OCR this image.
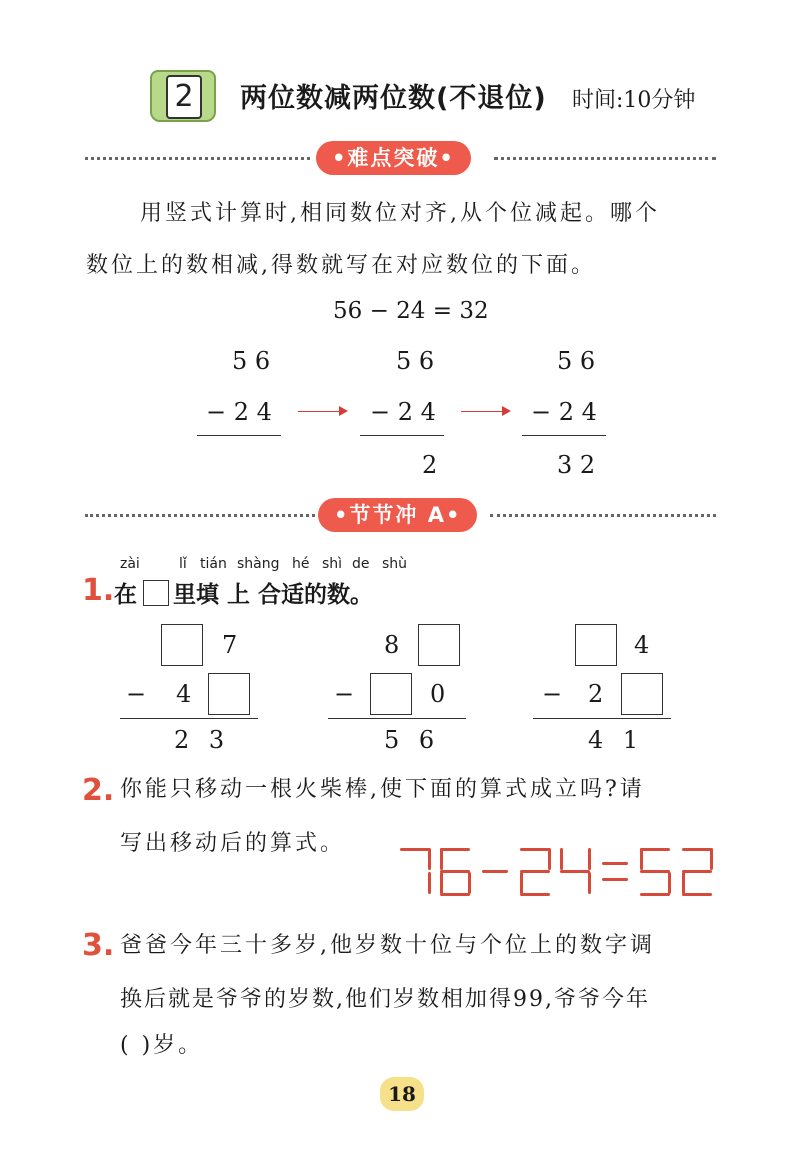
2	两位数减两位数(不退位) 时间:10分钟
•难点突破•
用竖式计算时,相同数位对齐,从个位减起。哪个
数位上的数相减,得数就写在对应数位的下面。
56 − 24 = 32
5 6
− 2 4
5 6
− 2 4
2
5 6
− 2 4
3 2
•节节冲 A•
zài	lǐ tián shàng hé shì de shù
1. 在 里填 上 合适的数。
7
− 4
2 3
8
−	0
5 6
4
− 2
4 1
2. 你能只移动一根火柴棒,使下面的算式成立吗?请
写出移动后的算式。
3. 爸爸今年三十多岁,他岁数十位与个位上的数字调
换后就是爷爷的岁数,他们岁数相加得99,爷爷今年
( )岁。
18
